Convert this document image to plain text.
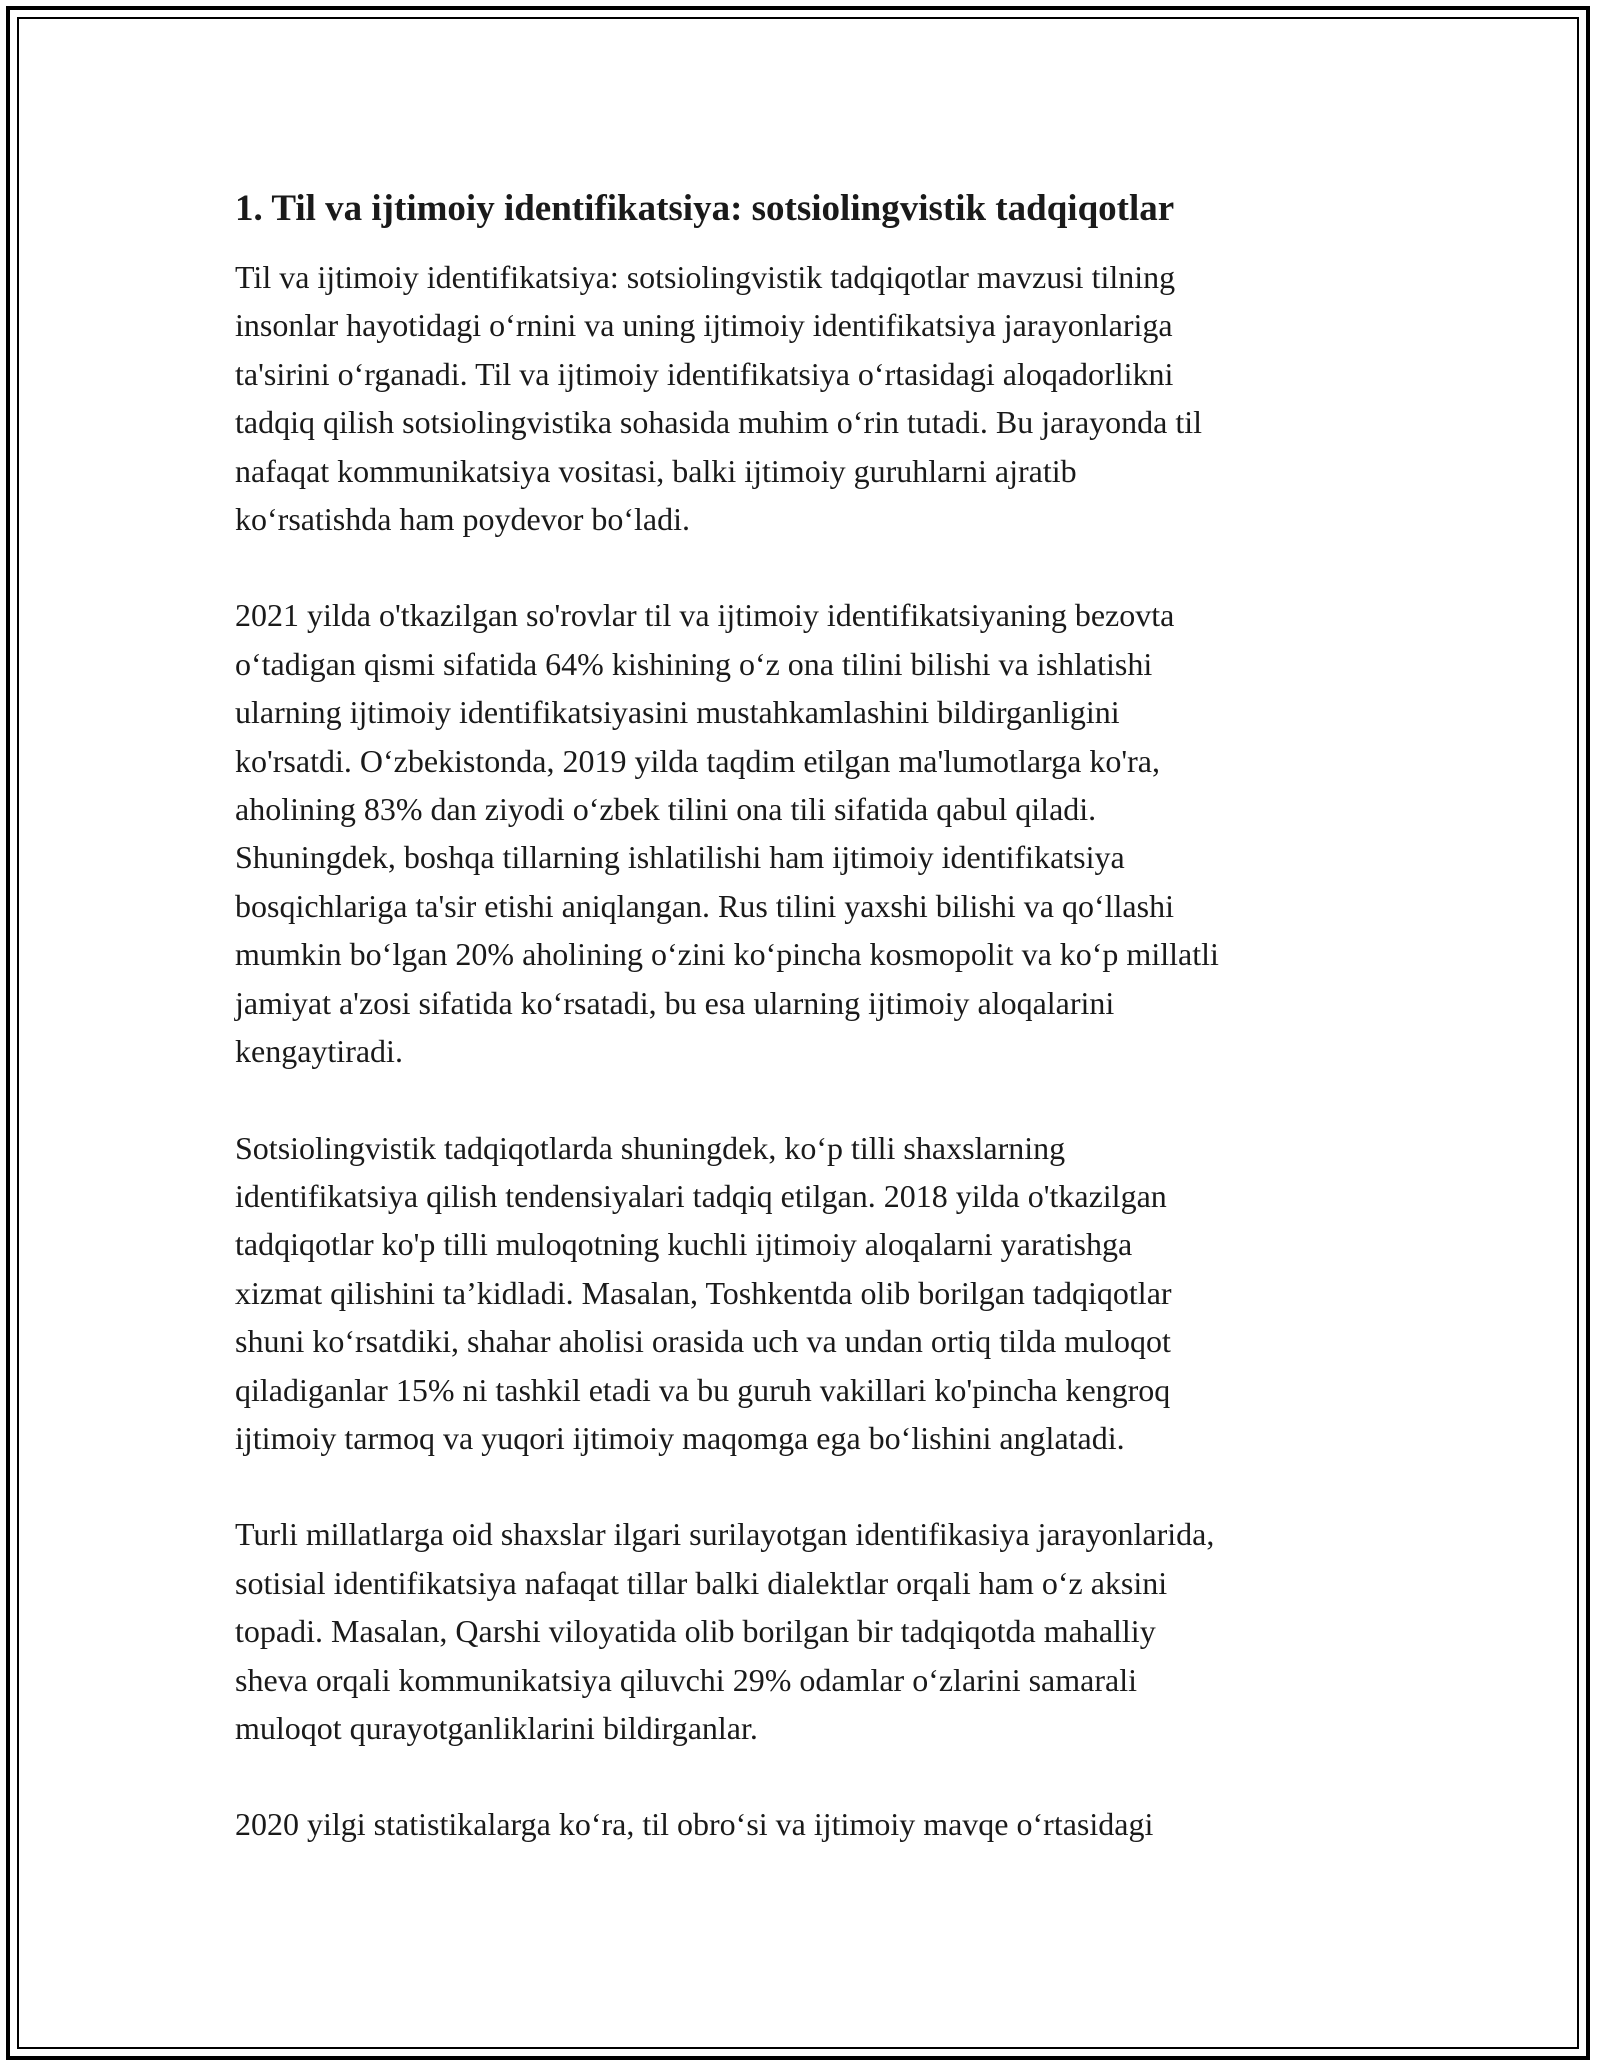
1. Til va ijtimoiy identifikatsiya: sotsiolingvistik tadqiqotlar
Til va ijtimoiy identifikatsiya: sotsiolingvistik tadqiqotlar mavzusi tilning
insonlar hayotidagi oʻrnini va uning ijtimoiy identifikatsiya jarayonlariga
ta'sirini oʻrganadi. Til va ijtimoiy identifikatsiya oʻrtasidagi aloqadorlikni
tadqiq qilish sotsiolingvistika sohasida muhim oʻrin tutadi. Bu jarayonda til
nafaqat kommunikatsiya vositasi, balki ijtimoiy guruhlarni ajratib
koʻrsatishda ham poydevor boʻladi.
2021 yilda o'tkazilgan so'rovlar til va ijtimoiy identifikatsiyaning bezovta
oʻtadigan qismi sifatida 64% kishining oʻz ona tilini bilishi va ishlatishi
ularning ijtimoiy identifikatsiyasini mustahkamlashini bildirganligini
ko'rsatdi. Oʻzbekistonda, 2019 yilda taqdim etilgan ma'lumotlarga ko'ra,
aholining 83% dan ziyodi oʻzbek tilini ona tili sifatida qabul qiladi.
Shuningdek, boshqa tillarning ishlatilishi ham ijtimoiy identifikatsiya
bosqichlariga ta'sir etishi aniqlangan. Rus tilini yaxshi bilishi va qoʻllashi
mumkin boʻlgan 20% aholining oʻzini koʻpincha kosmopolit va koʻp millatli
jamiyat a'zosi sifatida koʻrsatadi, bu esa ularning ijtimoiy aloqalarini
kengaytiradi.
Sotsiolingvistik tadqiqotlarda shuningdek, koʻp tilli shaxslarning
identifikatsiya qilish tendensiyalari tadqiq etilgan. 2018 yilda o'tkazilgan
tadqiqotlar ko'p tilli muloqotning kuchli ijtimoiy aloqalarni yaratishga
xizmat qilishini ta’kidladi. Masalan, Toshkentda olib borilgan tadqiqotlar
shuni koʻrsatdiki, shahar aholisi orasida uch va undan ortiq tilda muloqot
qiladiganlar 15% ni tashkil etadi va bu guruh vakillari ko'pincha kengroq
ijtimoiy tarmoq va yuqori ijtimoiy maqomga ega boʻlishini anglatadi.
Turli millatlarga oid shaxslar ilgari surilayotgan identifikasiya jarayonlarida,
sotisial identifikatsiya nafaqat tillar balki dialektlar orqali ham oʻz aksini
topadi. Masalan, Qarshi viloyatida olib borilgan bir tadqiqotda mahalliy
sheva orqali kommunikatsiya qiluvchi 29% odamlar oʻzlarini samarali
muloqot qurayotganliklarini bildirganlar.
2020 yilgi statistikalarga koʻra, til obroʻsi va ijtimoiy mavqe oʻrtasidagi
